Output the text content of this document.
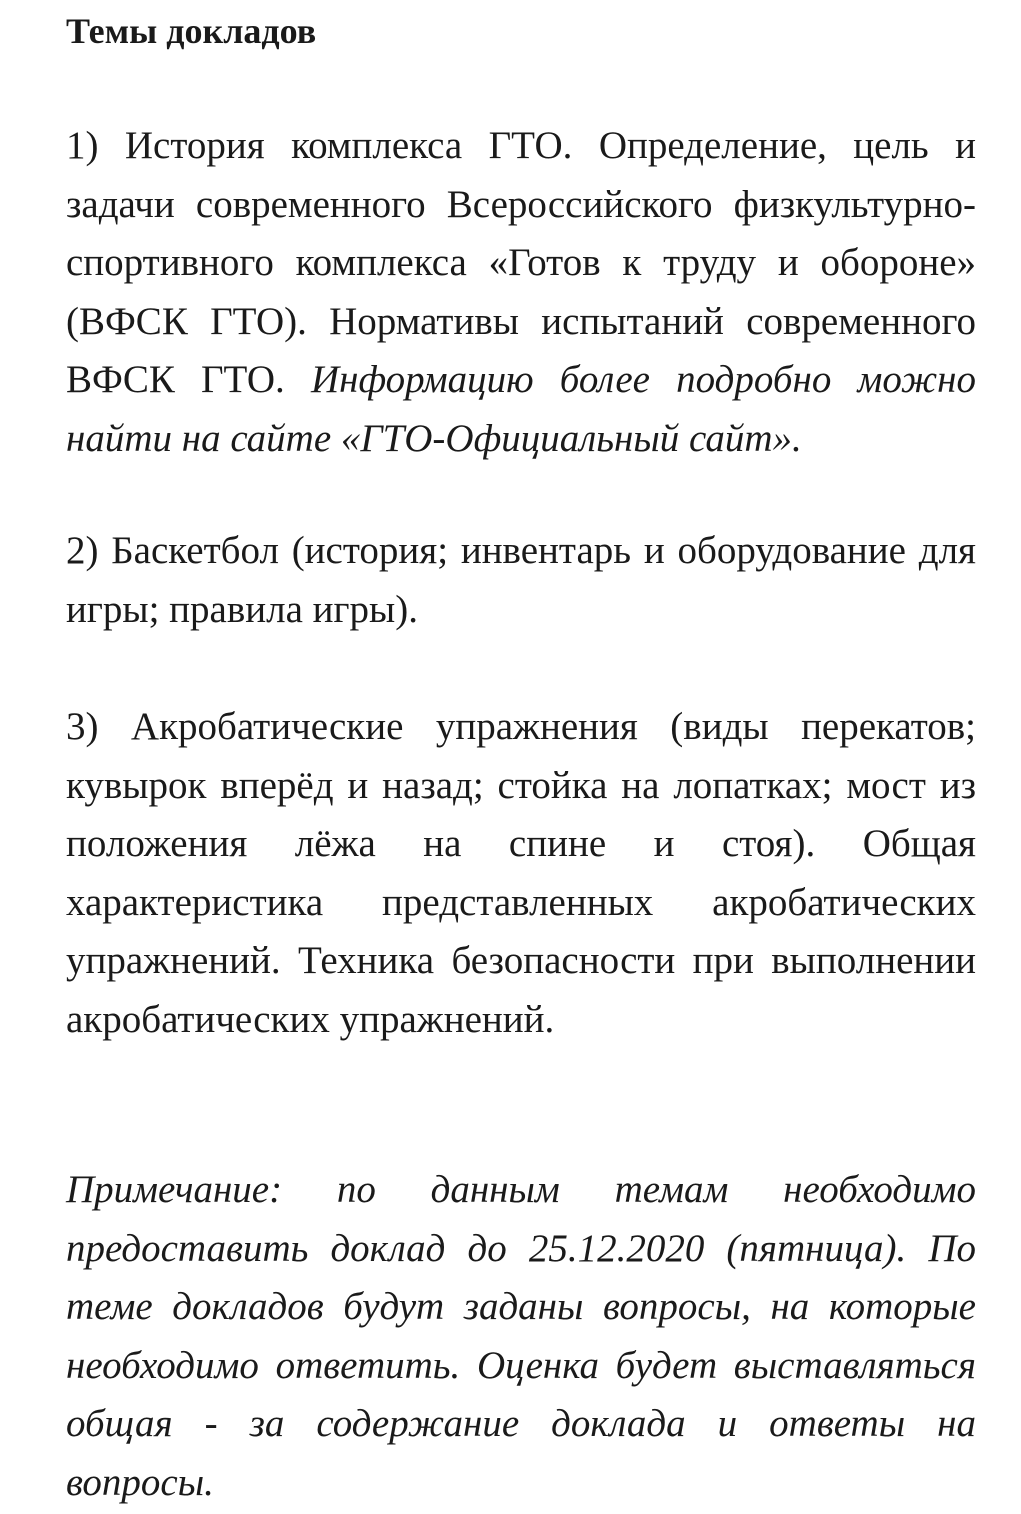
Темы докладов

1) История комплекса ГТО. Определение, цель и задачи современного Всероссийского физкультурно-спортивного комплекса «Готов к труду и обороне» (ВФСК ГТО). Нормативы испытаний современного ВФСК ГТО. Информацию более подробно можно найти на сайте «ГТО-Официальный сайт».

2) Баскетбол (история; инвентарь и оборудование для игры; правила игры).

3) Акробатические упражнения (виды перекатов; кувырок вперёд и назад; стойка на лопатках; мост из положения лёжа на спине и стоя). Общая характеристика представленных акробатических упражнений. Техника безопасности при выполнении акробатических упражнений.

Примечание: по данным темам необходимо предоставить доклад до 25.12.2020 (пятница). По теме докладов будут заданы вопросы, на которые необходимо ответить. Оценка будет выставляться общая - за содержание доклада и ответы на вопросы.
